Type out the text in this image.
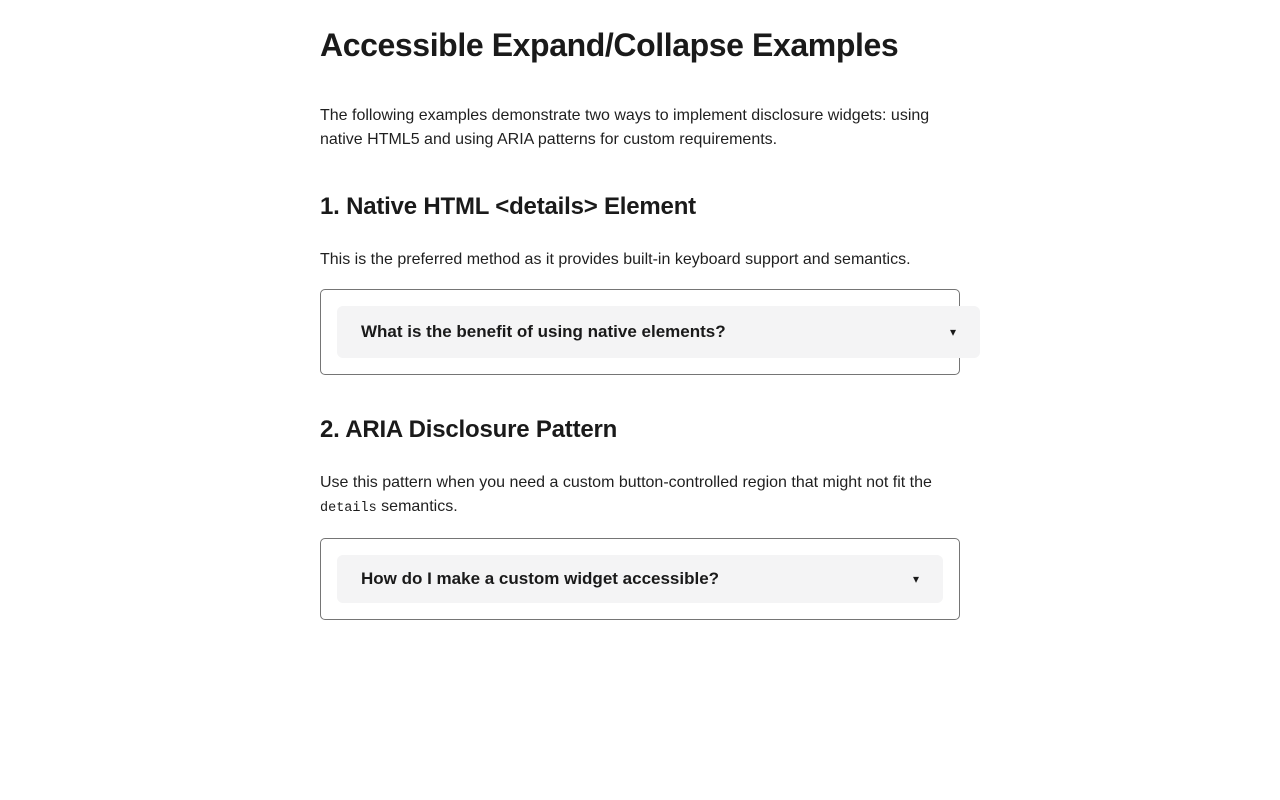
Accessible Expand/Collapse Examples

The following examples demonstrate two ways to implement disclosure widgets: using native HTML5 and using ARIA patterns for custom requirements.

1. Native HTML <details> Element

This is the preferred method as it provides built-in keyboard support and semantics.

What is the benefit of using native elements?	▾
2. ARIA Disclosure Pattern

Use this pattern when you need a custom button-controlled region that might not fit the details semantics.

How do I make a custom widget accessible?	▾
